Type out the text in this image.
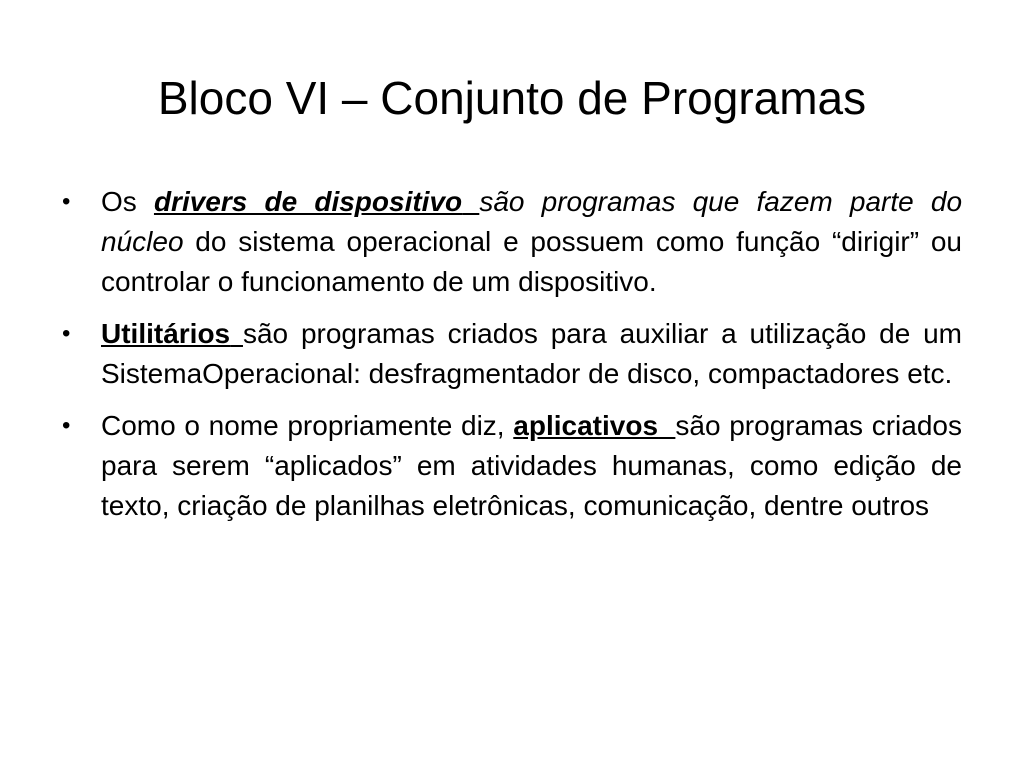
Bloco VI – Conjunto de Programas
•
Os drivers de dispositivo são programas que fazem parte do núcleo do sistema operacional e possuem como função “dirigir” ou controlar o funcionamento de um dispositivo.
•
Utilitários são programas criados para auxiliar a utilização de um SistemaOperacional: desfragmentador de disco, compactadores etc.
•
Como o nome propriamente diz, aplicativos são programas criados para serem “aplicados” em atividades humanas, como edição de texto, criação de planilhas eletrônicas, comunicação, dentre outros
